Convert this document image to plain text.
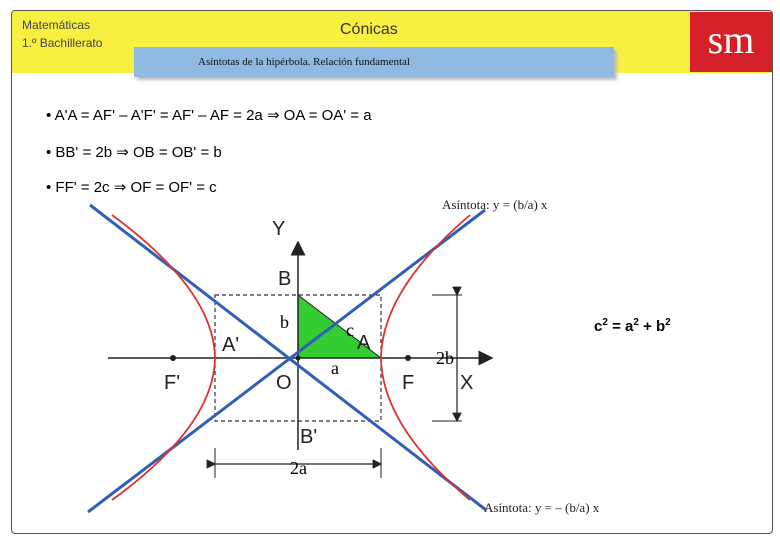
Matemáticas
1.º Bachillerato
Cónicas	sm
Asíntotas de la hipérbola. Relación fundamental
• A'A = AF' – A'F' = AF' – AF = 2a ⇒ OA = OA' = a
• BB' = 2b ⇒ OB = OB' = b
• FF' = 2c ⇒ OF = OF' = c
Asíntota: y = (b/a) x
Asíntota: y = – (b/a) x
Y
X
B
B'
A
A'
O	F
F'
b	c
a	2b
2a
$c^2 = a^2 + b^2$
